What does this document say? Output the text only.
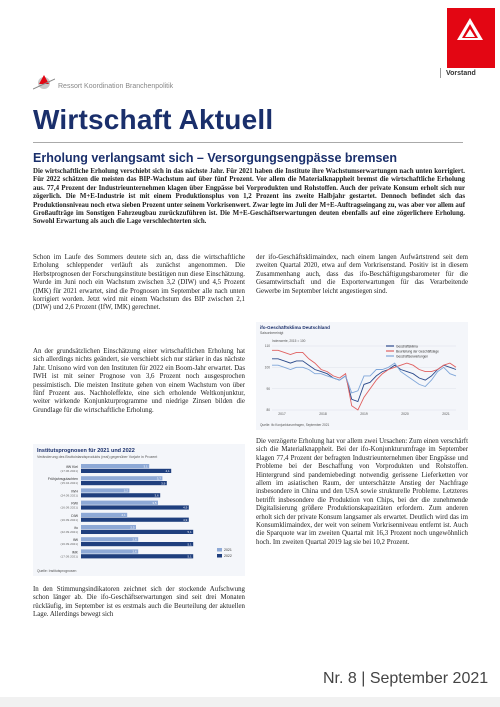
Vorstand
Ressort Koordination Branchenpolitik
Wirtschaft Aktuell
Erholung verlangsamt sich – Versorgungsengpässe bremsen
Die wirtschaftliche Erholung verschiebt sich in das nächste Jahr. Für 2021 haben die Institute ihre Wachstumserwartungen nach unten korrigiert. Für 2022 schätzen die meisten das BIP-Wachstum auf über fünf Prozent. Vor allem die Materialknappheit bremst die wirtschaftliche Erholung aus. 77,4 Prozent der Industrieunternehmen klagen über Engpässe bei Vorprodukten und Rohstoffen. Auch der private Konsum erholt sich nur zögerlich. Die M+E-Industrie ist mit einem Produktionsplus von 1,2 Prozent ins zweite Halbjahr gestartet. Dennoch befindet sich das Produktionsniveau noch etwa sieben Prozent unter seinem Vorkrisenwert. Zwar legte im Juli der M+E-Auftragseingang zu, was aber vor allem auf Großaufträge im Sonstigen Fahrzeugbau zurückzuführen ist. Die M+E-Geschäftserwartungen deuten ebenfalls auf eine zögerlichere Erholung. Sowohl Erwartung als auch die Lage verschlechterten sich.
Schon im Laufe des Sommers deutete sich an, dass die wirtschaftliche Erholung schleppender verläuft als zunächst angenommen. Die Herbstprognosen der Forschungsinstitute bestätigen nun diese Einschätzung. Wurde im Juni noch ein Wachstum zwischen 3,2 (DIW) und 4,5 Prozent (IMK) für 2021 erwartet, sind die Prognosen im September alle nach unten korrigiert worden. Jetzt wird mit einem Wachstum des BIP zwischen 2,1 (DIW) und 2,6 Prozent (IfW, IMK) gerechnet.
An der grundsätzlichen Einschätzung einer wirtschaftlichen Erholung hat sich allerdings nichts geändert, sie verschiebt sich nur stärker in das nächste Jahr. Unisono wird von den Instituten für 2022 ein Boom-Jahr erwartet. Das IWH ist mit seiner Prognose von 3,6 Prozent noch ausgesprochen pessimistisch. Die meisten Institute gehen von einem Wachstum von über fünf Prozent aus. Nachholeffekte, eine sich erholende Weltkonjunktur, weiter wirkende Konjunkturprogramme und niedrige Zinsen bilden die Grundlage für die wirtschaftliche Erholung.
In den Stimmungsindikatoren zeichnet sich der stockende Aufschwung schon länger ab. Die ifo-Geschäftserwartungen sind seit drei Monaten rückläufig, im September ist es erstmals auch die Beurteilung der aktuellen Lage. Allerdings bewegt sich
der ifo-Geschäftsklimaindex, nach einem langen Aufwärtstrend seit dem zweiten Quartal 2020, etwa auf dem Vorkrisenstand. Positiv ist in diesem Zusammenhang auch, dass das ifo-Beschäftigungsbarometer für die Gesamtwirtschaft und die Exporterwartungen für das Verarbeitende Gewerbe im September leicht angestiegen sind.
Die verzögerte Erholung hat vor allem zwei Ursachen: Zum einen verschärft sich die Materialknappheit. Bei der ifo-Konjunkturumfrage im September klagen 77,4 Prozent der befragten Industrieunternehmen über Engpässe und Probleme bei der Beschaffung von Vorprodukten und Rohstoffen. Hintergrund sind pandemiebedingt notwendig gerissene Lieferketten vor allem im asiatischen Raum, der unterschätzte Anstieg der Nachfrage insbesondere in China und den USA sowie strukturelle Probleme. Letzteres betrifft insbesondere die Produktion von Chips, bei der die zunehmende Digitalisierung größere Produktionskapazitäten erfordern. Zum anderen erholt sich der private Konsum langsamer als erwartet. Deutlich wird das im Konsumklimaindex, der weit von seinem Vorkrisenniveau entfernt ist. Auch die Sparquote war im zweiten Quartal mit 16,3 Prozent noch ungewöhnlich hoch. Im zweiten Quartal 2019 lag sie bei 10,2 Prozent.
Institutsprognosen für 2021 und 2022
Veränderung des Bruttoinlandsprodukts (real) gegenüber Vorjahr in Prozent
ifW Kiel
(17.06.2021)
3,1
4,1
Frühjahrsgutachten
(15.04.2021)
3,7
3,9
IWH
(24.09.2021)
2,2
3,6
RWI
(16.09.2021)
3,5
4,9
DIW
(16.09.2021)
2,1
4,9
ifo
(22.09.2021)
2,5
5,1
IfW
(16.09.2021)
2,6
5,1
IMK
(17.09.2021)
2,6
5,1
2021
2022
Quelle: Institutsprognosen
ifo-Geschäftsklima Deutschland
Saisonbereinigt
Indexwerte, 2015 = 100
80
90
100
110
2017	2018	2019	2020	2021
Geschäftsklima
Beurteilung der Geschäftslage
Geschäftserwartungen
Quelle: ifo Konjunkturumfragen, September 2021
Nr. 8 | September 2021
